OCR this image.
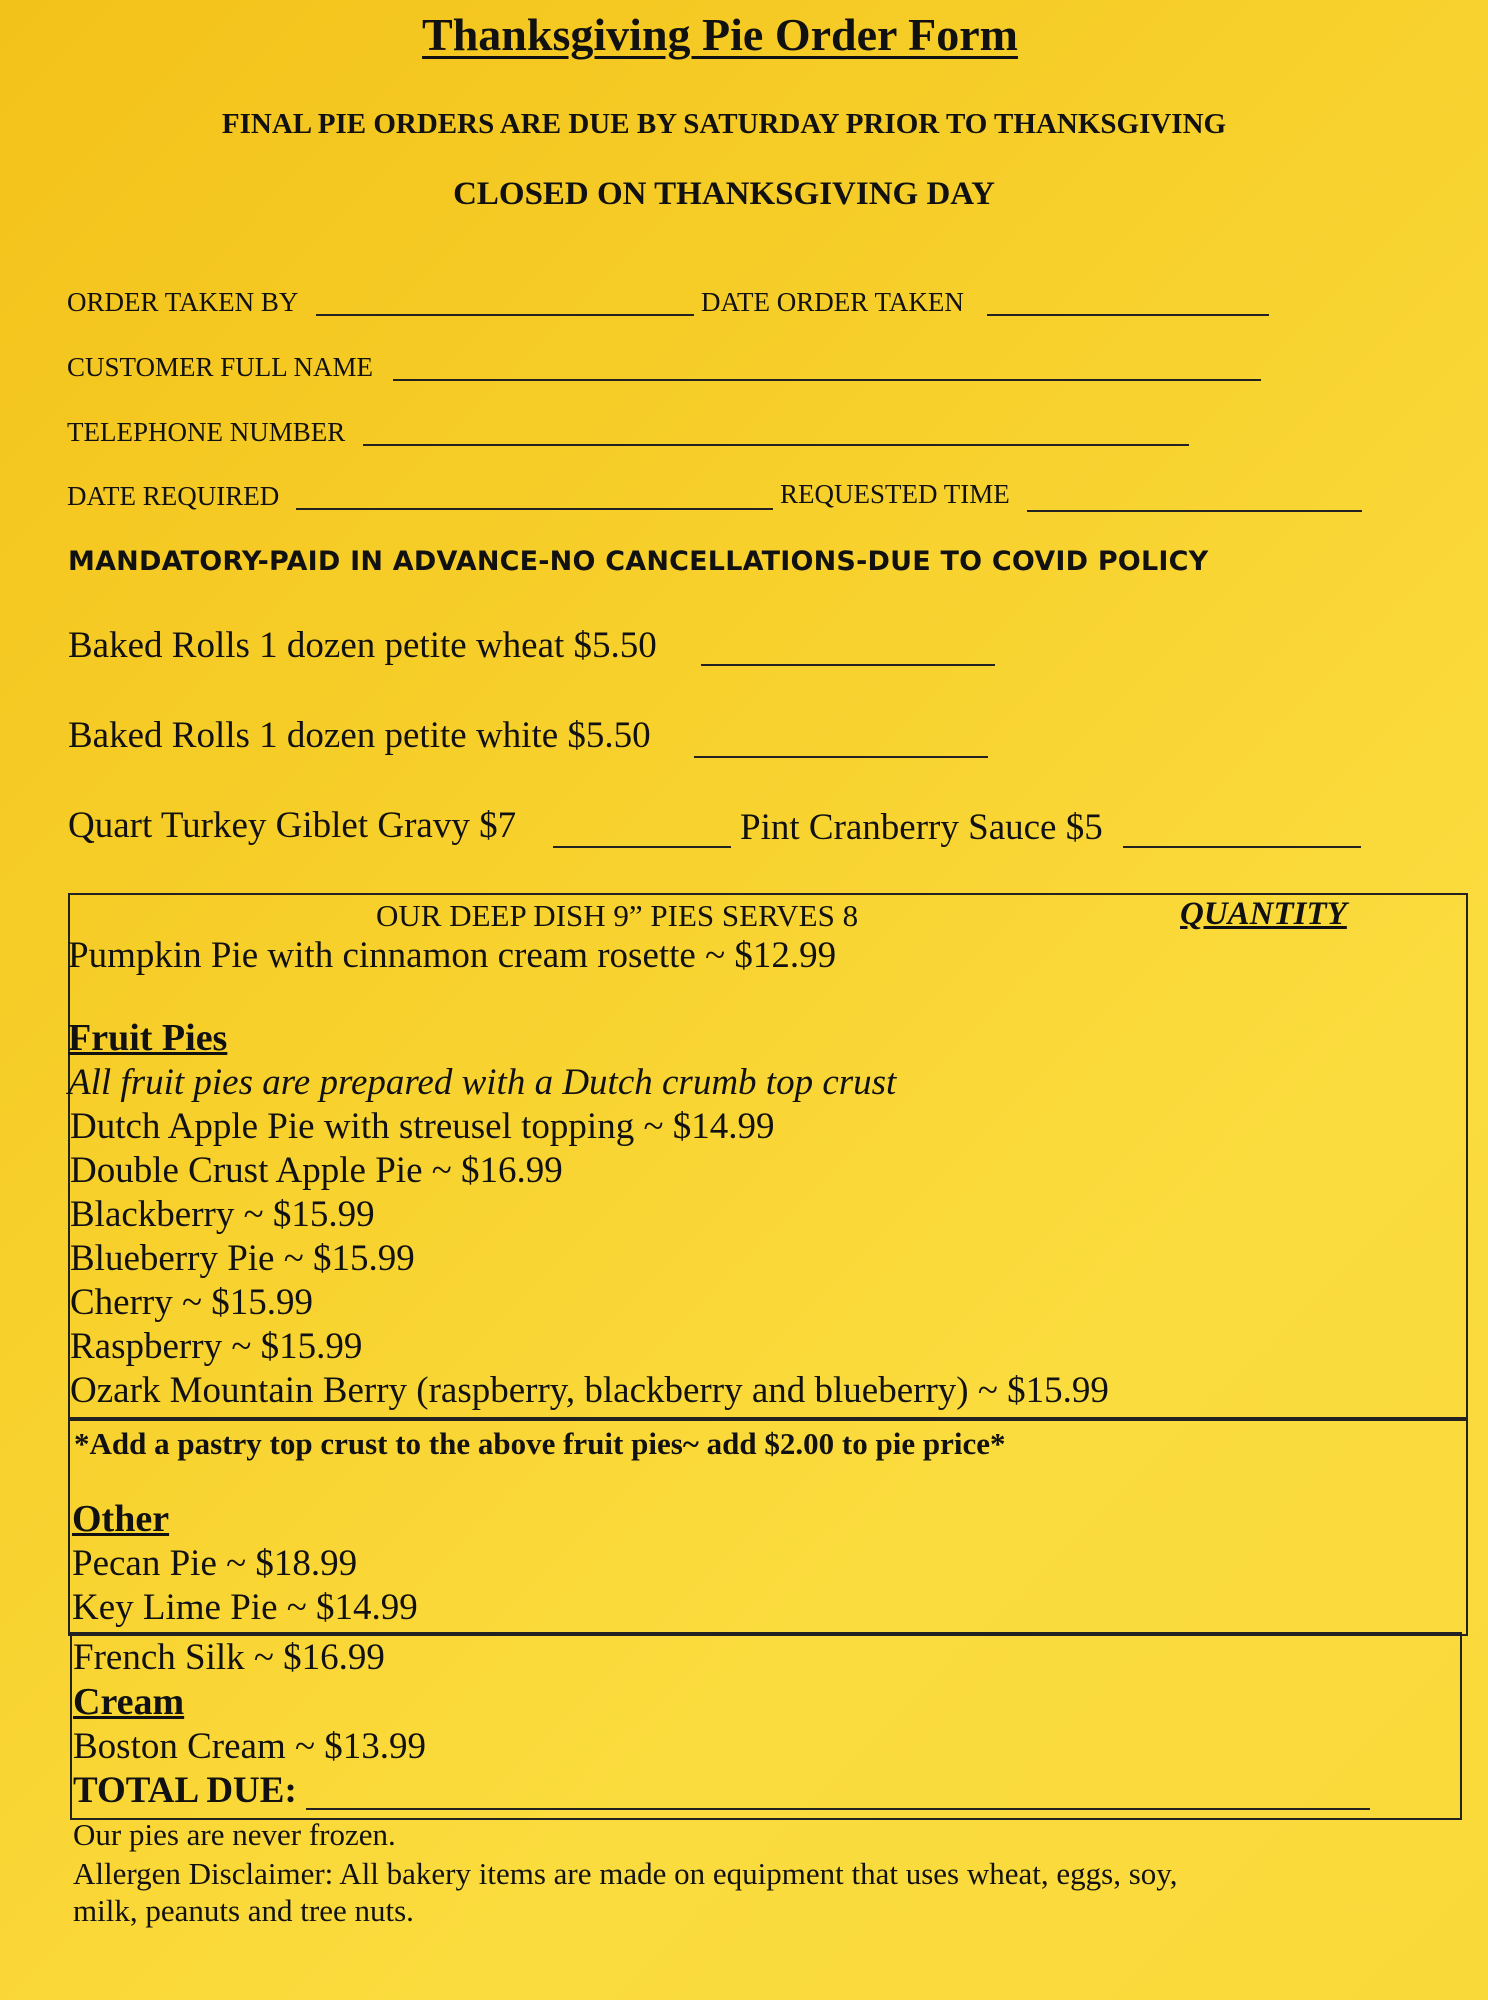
Thanksgiving Pie Order Form
FINAL PIE ORDERS ARE DUE BY SATURDAY PRIOR TO THANKSGIVING
CLOSED ON THANKSGIVING DAY
ORDER TAKEN BY	DATE ORDER TAKEN
CUSTOMER FULL NAME
TELEPHONE NUMBER
DATE REQUIRED	REQUESTED TIME
MANDATORY-PAID IN ADVANCE-NO CANCELLATIONS-DUE TO COVID POLICY
Baked Rolls 1 dozen petite wheat $5.50
Baked Rolls 1 dozen petite white $5.50
Quart Turkey Giblet Gravy $7	Pint Cranberry Sauce $5
OUR DEEP DISH 9” PIES SERVES 8	QUANTITY
Pumpkin Pie with cinnamon cream rosette ~ $12.99
Fruit Pies
All fruit pies are prepared with a Dutch crumb top crust
Dutch Apple Pie with streusel topping ~ $14.99
Double Crust Apple Pie ~ $16.99
Blackberry ~ $15.99
Blueberry Pie ~ $15.99
Cherry ~ $15.99
Raspberry ~ $15.99
Ozark Mountain Berry (raspberry, blackberry and blueberry) ~ $15.99
*Add a pastry top crust to the above fruit pies~ add $2.00 to pie price*
Other
Pecan Pie ~ $18.99
Key Lime Pie ~ $14.99
French Silk ~ $16.99
Cream
Boston Cream ~ $13.99
TOTAL DUE:
Our pies are never frozen.
Allergen Disclaimer: All bakery items are made on equipment that uses wheat, eggs, soy,
milk, peanuts and tree nuts.
